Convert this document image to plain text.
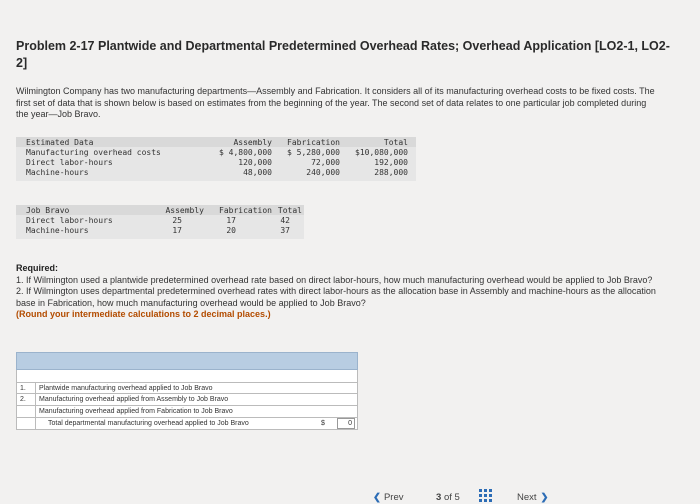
Problem 2-17 Plantwide and Departmental Predetermined Overhead Rates; Overhead Application [LO2-1, LO2-2]
Wilmington Company has two manufacturing departments—Assembly and Fabrication. It considers all of its manufacturing overhead costs to be fixed costs. The first set of data that is shown below is based on estimates from the beginning of the year. The second set of data relates to one particular job completed during the year—Job Bravo.
Estimated Data	Assembly	Fabrication	Total
Manufacturing overhead costs	$ 4,800,000	$ 5,280,000	$10,080,000
Direct labor-hours	120,000	72,000	192,000
Machine-hours	48,000	240,000	288,000
Job Bravo	Assembly	Fabrication Total
Direct labor-hours	25	17	42
Machine-hours	17	20	37
Required:
1. If Wilmington used a plantwide predetermined overhead rate based on direct labor-hours, how much manufacturing overhead would be applied to Job Bravo?
2. If Wilmington uses departmental predetermined overhead rates with direct labor-hours as the allocation base in Assembly and machine-hours as the allocation base in Fabrication, how much manufacturing overhead would be applied to Job Bravo?
(Round your intermediate calculations to 2 decimal places.)
1.	Plantwide manufacturing overhead applied to Job Bravo
2.	Manufacturing overhead applied from Assembly to Job Bravo
Manufacturing overhead applied from Fabrication to Job Bravo
Total departmental manufacturing overhead applied to Job Bravo	$	0
❮ Prev	3 of 5	Next ❯
